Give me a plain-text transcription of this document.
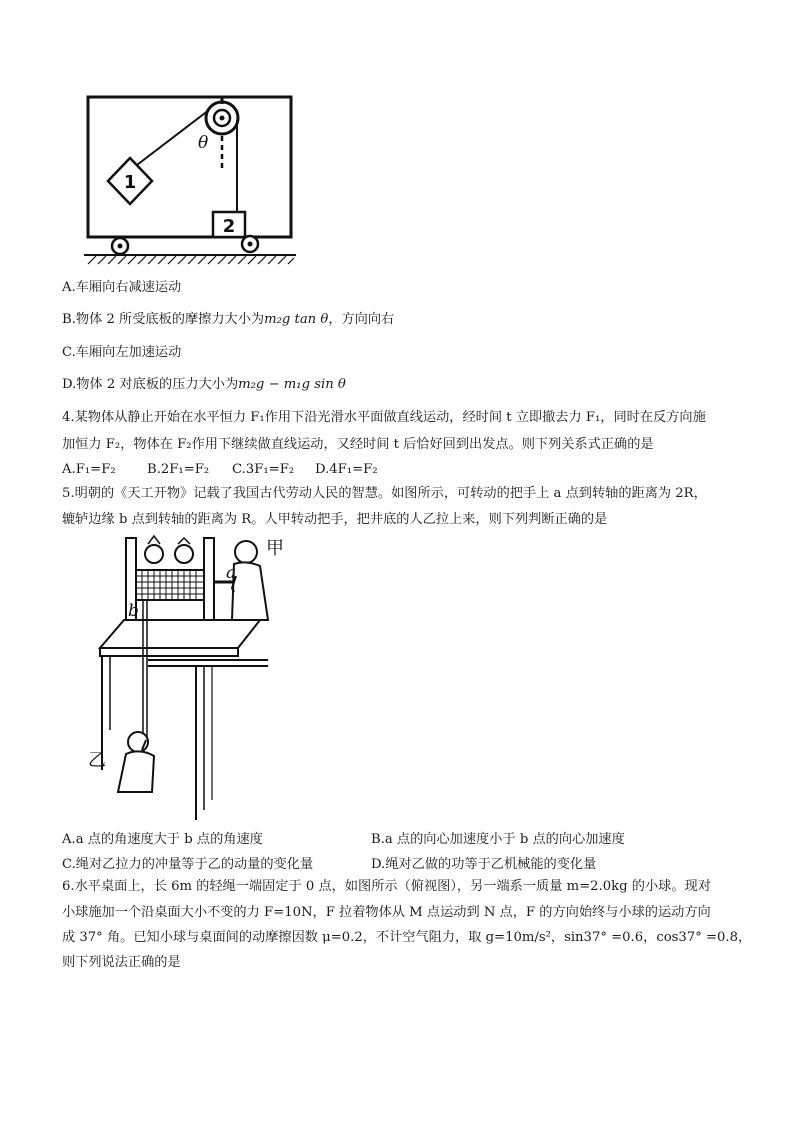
1
2
θ
A.车厢向右减速运动
B.物体 2 所受底板的摩擦力大小为m₂g tan θ，方向向右
C.车厢向左加速运动
D.物体 2 对底板的压力大小为m₂g − m₁g sin θ
4.某物体从静止开始在水平恒力 F₁作用下沿光滑水平面做直线运动，经时间 t 立即撤去力 F₁，同时在反方向施
加恒力 F₂，物体在 F₂作用下继续做直线运动，又经时间 t 后恰好回到出发点。则下列关系式正确的是
A.F₁=F₂ B.2F₁=F₂ C.3F₁=F₂ D.4F₁=F₂
5.明朝的《天工开物》记载了我国古代劳动人民的智慧。如图所示，可转动的把手上 a 点到转轴的距离为 2R，
辘轳边缘 b 点到转轴的距离为 R。人甲转动把手，把井底的人乙拉上来，则下列判断正确的是
甲
a
b
乙
A.a 点的角速度大于 b 点的角速度	B.a 点的向心加速度小于 b 点的向心加速度
C.绳对乙拉力的冲量等于乙的动量的变化量	D.绳对乙做的功等于乙机械能的变化量
6.水平桌面上，长 6m 的轻绳一端固定于 0 点，如图所示（俯视图），另一端系一质量 m=2.0kg 的小球。现对
小球施加一个沿桌面大小不变的力 F=10N，F 拉着物体从 M 点运动到 N 点，F 的方向始终与小球的运动方向
成 37° 角。已知小球与桌面间的动摩擦因数 μ=0.2，不计空气阻力，取 g=10m/s²，sin37° =0.6，cos37° =0.8，
则下列说法正确的是
